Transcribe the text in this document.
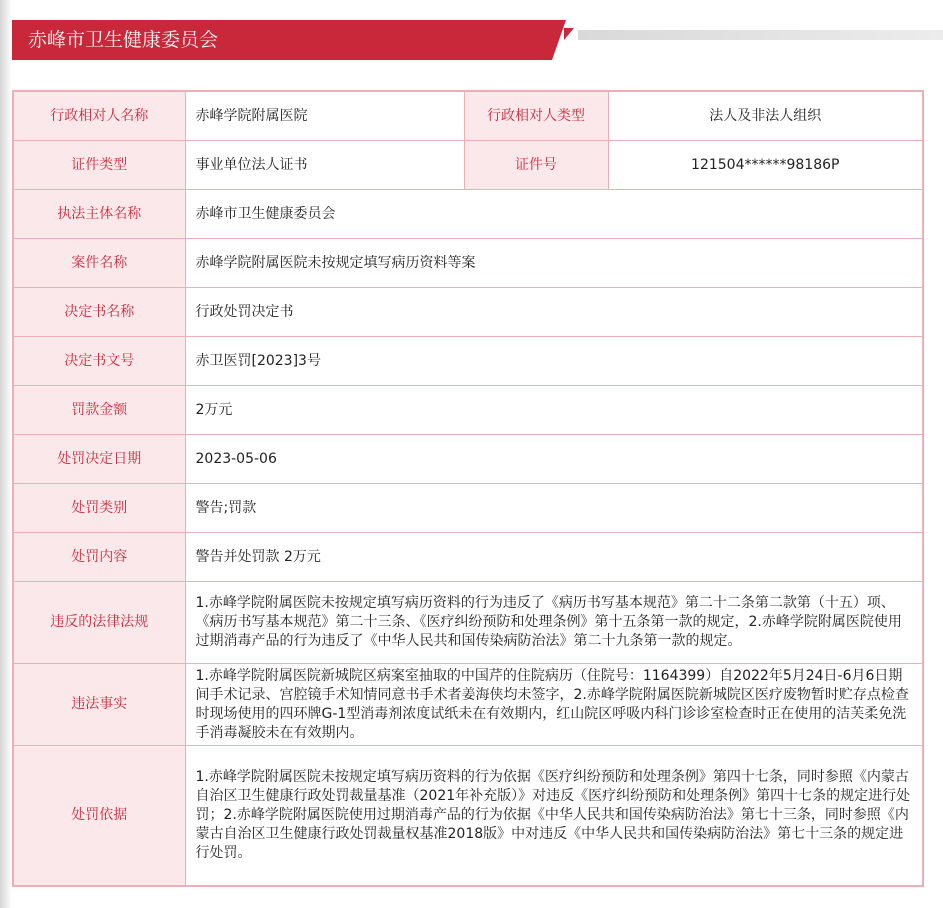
赤峰市卫生健康委员会
行政相对人名称	赤峰学院附属医院	行政相对人类型	法人及非法人组织
证件类型	事业单位法人证书	证件号	121504******98186P
执法主体名称	赤峰市卫生健康委员会		
案件名称	赤峰学院附属医院未按规定填写病历资料等案		
决定书名称	行政处罚决定书		
决定书文号	赤卫医罚[2023]3号		
罚款金额	2万元		
处罚决定日期	2023-05-06		
处罚类别	警告;罚款		
处罚内容	警告并处罚款 2万元		
违反的法律法规	1.赤峰学院附属医院未按规定填写病历资料的行为违反了《病历书写基本规范》第二十二条第二款第（十五）项、《病历书写基本规范》第二十三条、《医疗纠纷预防和处理条例》第十五条第一款的规定，2.赤峰学院附属医院使用过期消毒产品的行为违反了《中华人民共和国传染病防治法》第二十九条第一款的规定。		
违法事实	1.赤峰学院附属医院新城院区病案室抽取的中国芹的住院病历（住院号：1164399）自2022年5月24日-6月6日期间手术记录、宫腔镜手术知情同意书手术者姜海侠均未签字，2.赤峰学院附属医院新城院区医疗废物暂时贮存点检查时现场使用的四环牌G-1型消毒剂浓度试纸未在有效期内，红山院区呼吸内科门诊诊室检查时正在使用的洁芙柔免洗手消毒凝胶未在有效期内。		
处罚依据	1.赤峰学院附属医院未按规定填写病历资料的行为依据《医疗纠纷预防和处理条例》第四十七条，同时参照《内蒙古自治区卫生健康行政处罚裁量基准（2021年补充版）》对违反《医疗纠纷预防和处理条例》第四十七条的规定进行处罚；2.赤峰学院附属医院使用过期消毒产品的行为依据《中华人民共和国传染病防治法》第七十三条，同时参照《内蒙古自治区卫生健康行政处罚裁量权基准2018版》中对违反《中华人民共和国传染病防治法》第七十三条的规定进行处罚。		
